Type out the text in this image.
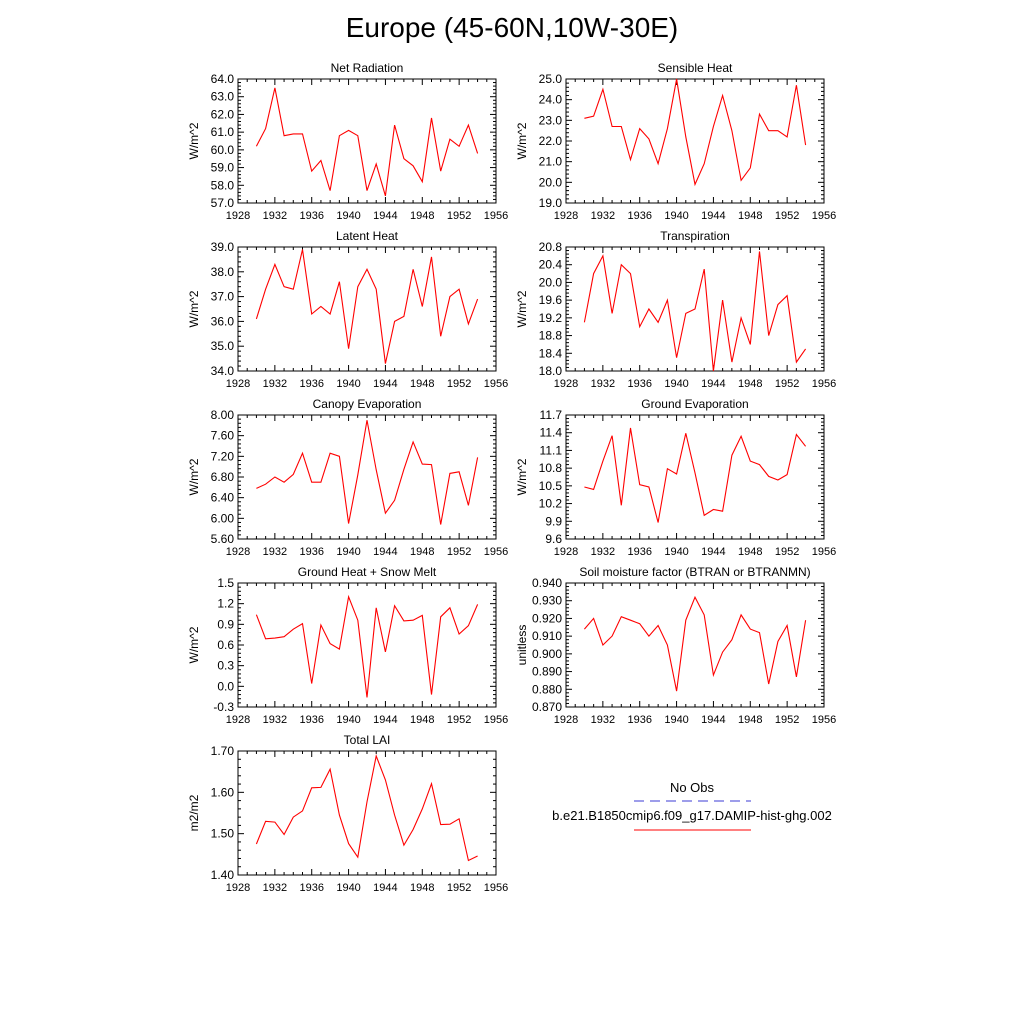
Europe (45-60N,10W-30E)
1928 1932 1936 1940 1944 1948 1952 1956
57.0
58.0
59.0
60.0
61.0
62.0
63.0
64.0
Net Radiation
W/m^2
1928 1932 1936 1940 1944 1948 1952 1956
19.0
20.0
21.0
22.0
23.0
24.0
25.0
Sensible Heat
W/m^2
1928 1932 1936 1940 1944 1948 1952 1956
34.0
35.0
36.0
37.0
38.0
39.0
Latent Heat
W/m^2
1928 1932 1936 1940 1944 1948 1952 1956
18.0
18.4
18.8
19.2
19.6
20.0
20.4
20.8
Transpiration
W/m^2
1928 1932 1936 1940 1944 1948 1952 1956
5.60
6.00
6.40
6.80
7.20
7.60
8.00
Canopy Evaporation
W/m^2
1928 1932 1936 1940 1944 1948 1952 1956
9.6
9.9
10.2
10.5
10.8
11.1
11.4
11.7
Ground Evaporation
W/m^2
1928 1932 1936 1940 1944 1948 1952 1956
-0.3
0.0
0.3
0.6
0.9
1.2
1.5
Ground Heat + Snow Melt
W/m^2
1928 1932 1936 1940 1944 1948 1952 1956
0.870
0.880
0.890
0.900
0.910
0.920
0.930
0.940
Soil moisture factor (BTRAN or BTRANMN)
unitless
1928 1932 1936 1940 1944 1948 1952 1956
1.40
1.50
1.60
1.70
Total LAI
m2/m2
No Obs
b.e21.B1850cmip6.f09_g17.DAMIP-hist-ghg.002
